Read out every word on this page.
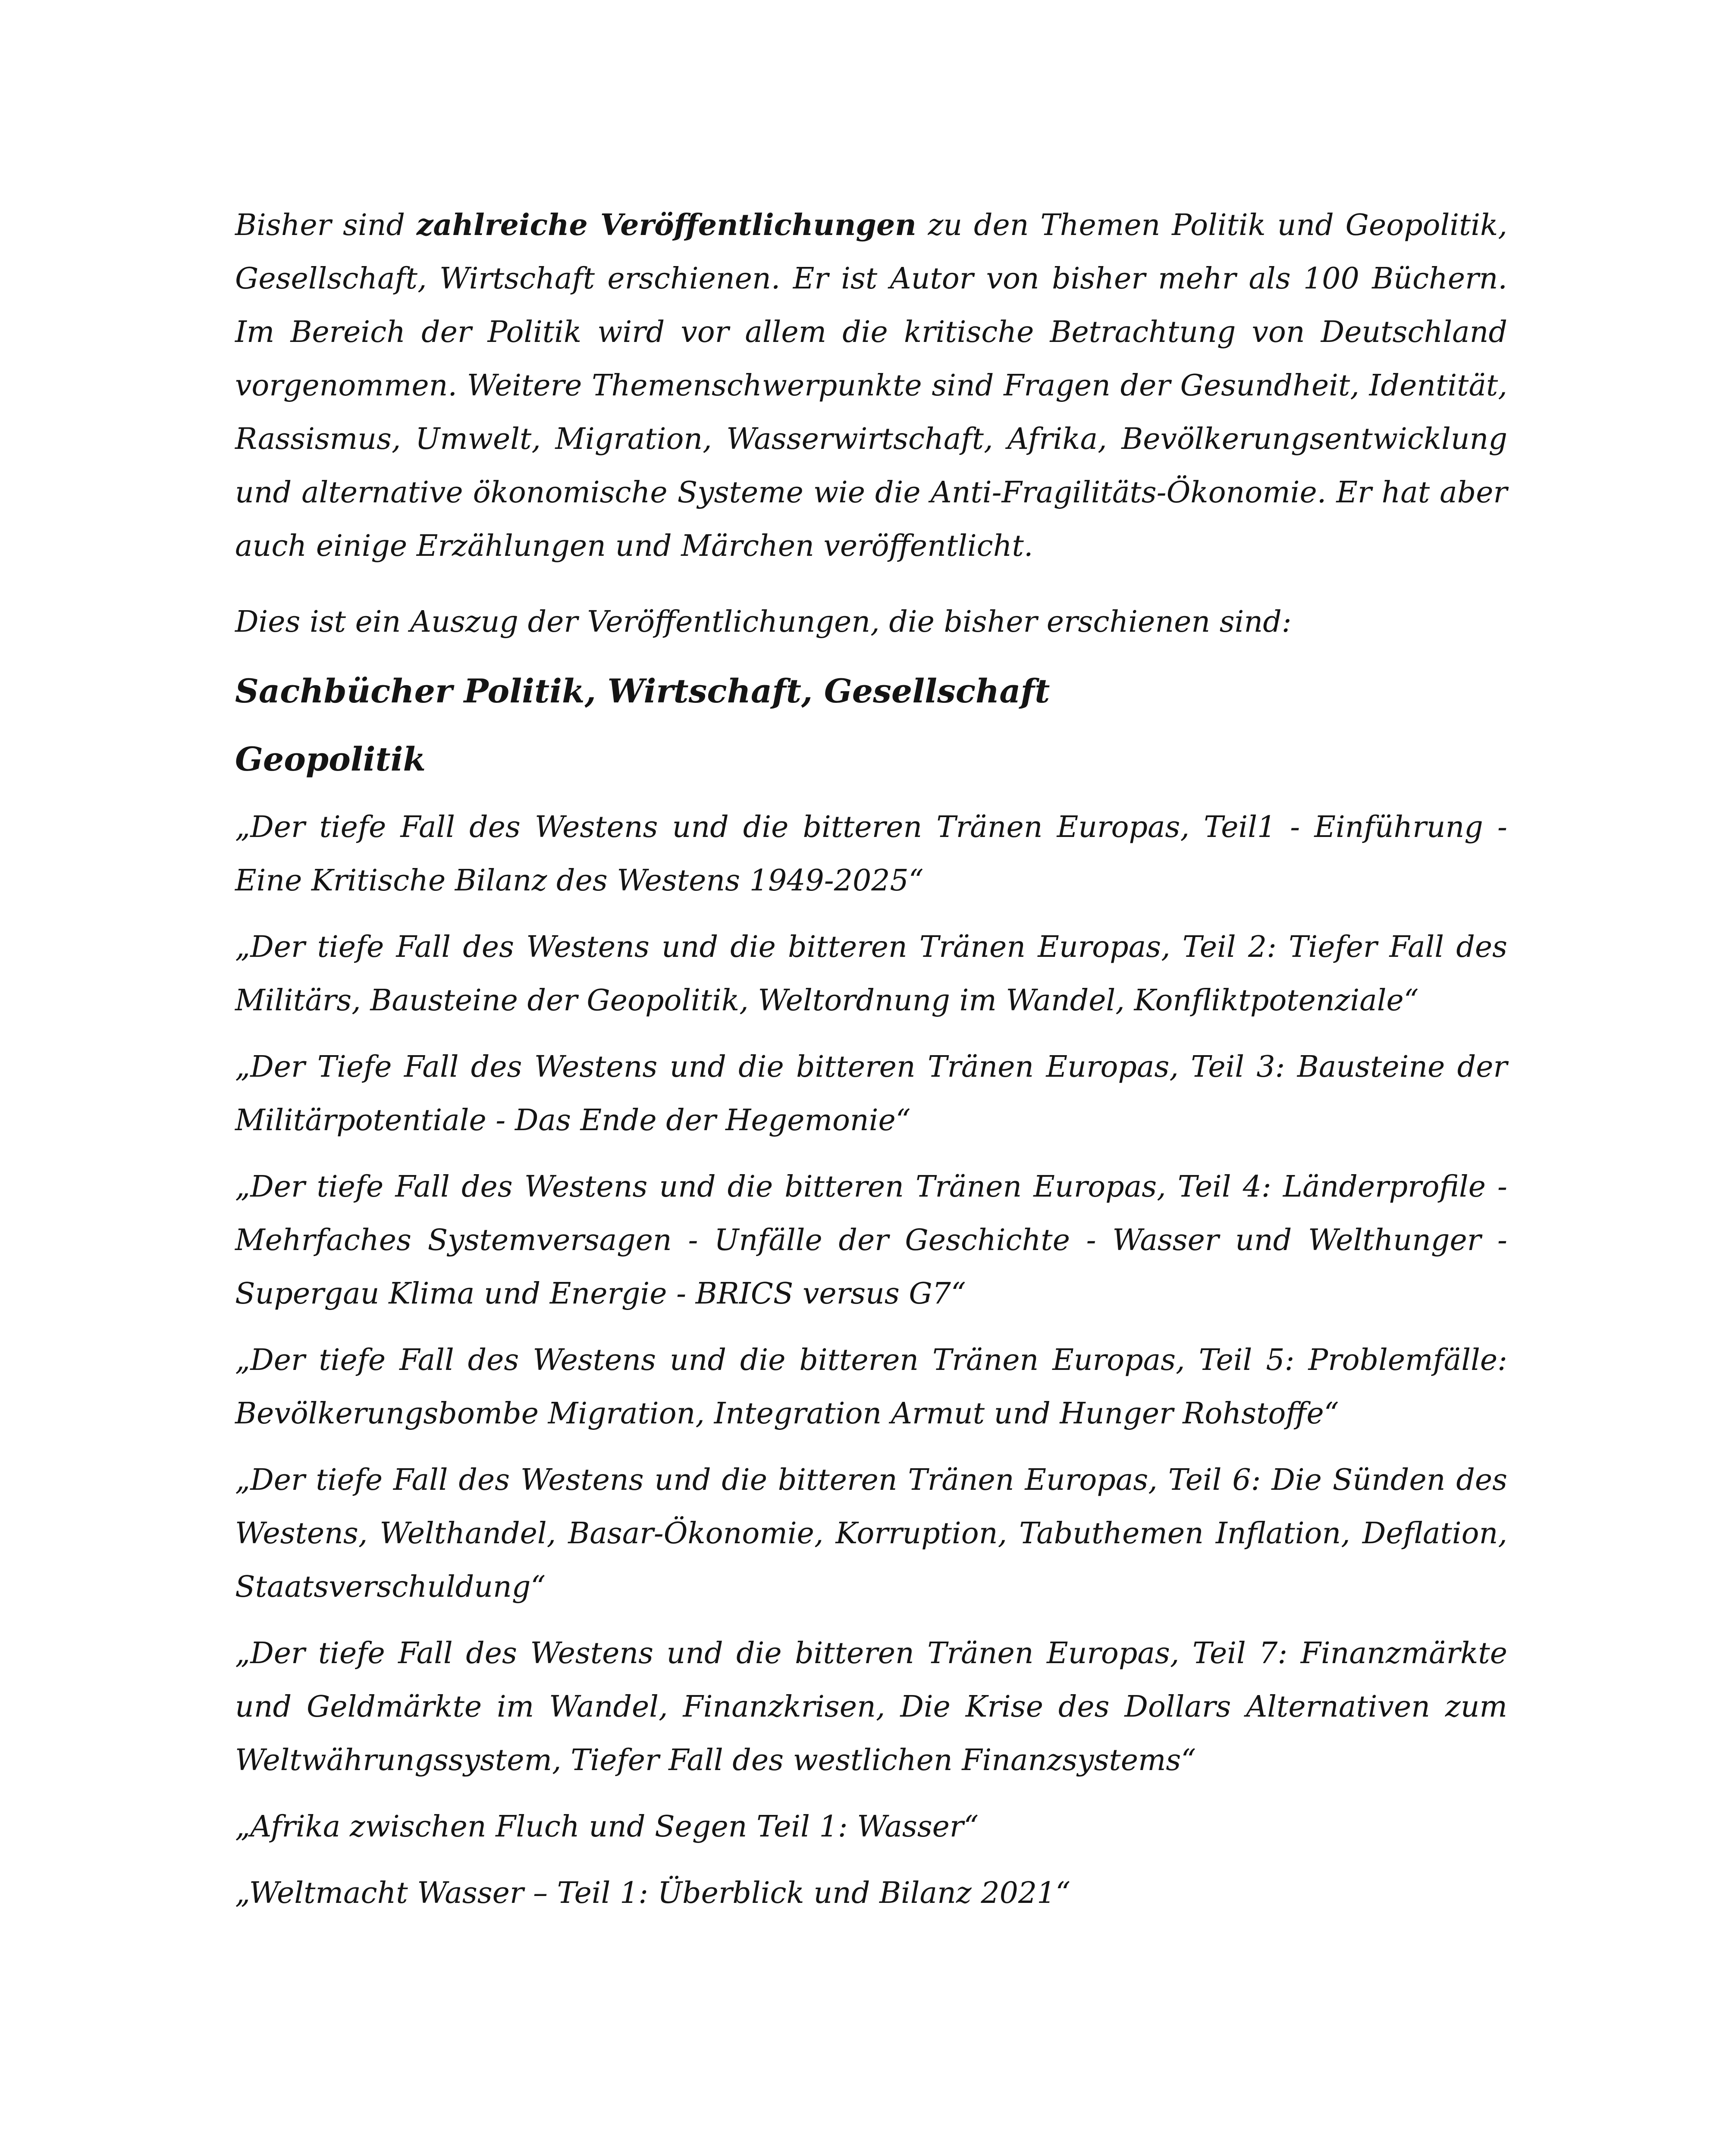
Bisher sind zahlreiche Veröffentlichungen zu den Themen Politik und Geopolitik, Gesellschaft, Wirtschaft erschienen. Er ist Autor von bisher mehr als 100 Büchern. Im Bereich der Politik wird vor allem die kritische Betrachtung von Deutschland vorgenommen. Weitere Themenschwerpunkte sind Fragen der Gesundheit, Identität, Rassismus, Umwelt, Migration, Wasserwirtschaft, Afrika, Bevölkerungsentwicklung und alternative ökonomische Systeme wie die Anti-Fragilitäts-Ökonomie. Er hat aber auch einige Erzählungen und Märchen veröffentlicht.

Dies ist ein Auszug der Veröffentlichungen, die bisher erschienen sind:

Sachbücher Politik, Wirtschaft, Gesellschaft
Geopolitik
„Der tiefe Fall des Westens und die bitteren Tränen Europas, Teil1 - Einführung - Eine Kritische Bilanz des Westens 1949-2025“
„Der tiefe Fall des Westens und die bitteren Tränen Europas, Teil 2: Tiefer Fall des Militärs, Bausteine der Geopolitik, Weltordnung im Wandel, Konfliktpotenziale“
„Der Tiefe Fall des Westens und die bitteren Tränen Europas, Teil 3: Bausteine der Militärpotentiale - Das Ende der Hegemonie“
„Der tiefe Fall des Westens und die bitteren Tränen Europas, Teil 4: Länderprofile - Mehrfaches Systemversagen - Unfälle der Geschichte - Wasser und Welthunger - Supergau Klima und Energie - BRICS versus G7“
„Der tiefe Fall des Westens und die bitteren Tränen Europas, Teil 5: Problemfälle: Bevölkerungsbombe Migration, Integration Armut und Hunger Rohstoffe“
„Der tiefe Fall des Westens und die bitteren Tränen Europas, Teil 6: Die Sünden des Westens, Welthandel, Basar-Ökonomie, Korruption, Tabuthemen Inflation, Deflation, Staatsverschuldung“
„Der tiefe Fall des Westens und die bitteren Tränen Europas, Teil 7: Finanzmärkte und Geldmärkte im Wandel, Finanzkrisen, Die Krise des Dollars Alternativen zum Weltwährungssystem, Tiefer Fall des westlichen Finanzsystems“
„Afrika zwischen Fluch und Segen Teil 1: Wasser“
„Weltmacht Wasser – Teil 1: Überblick und Bilanz 2021“
